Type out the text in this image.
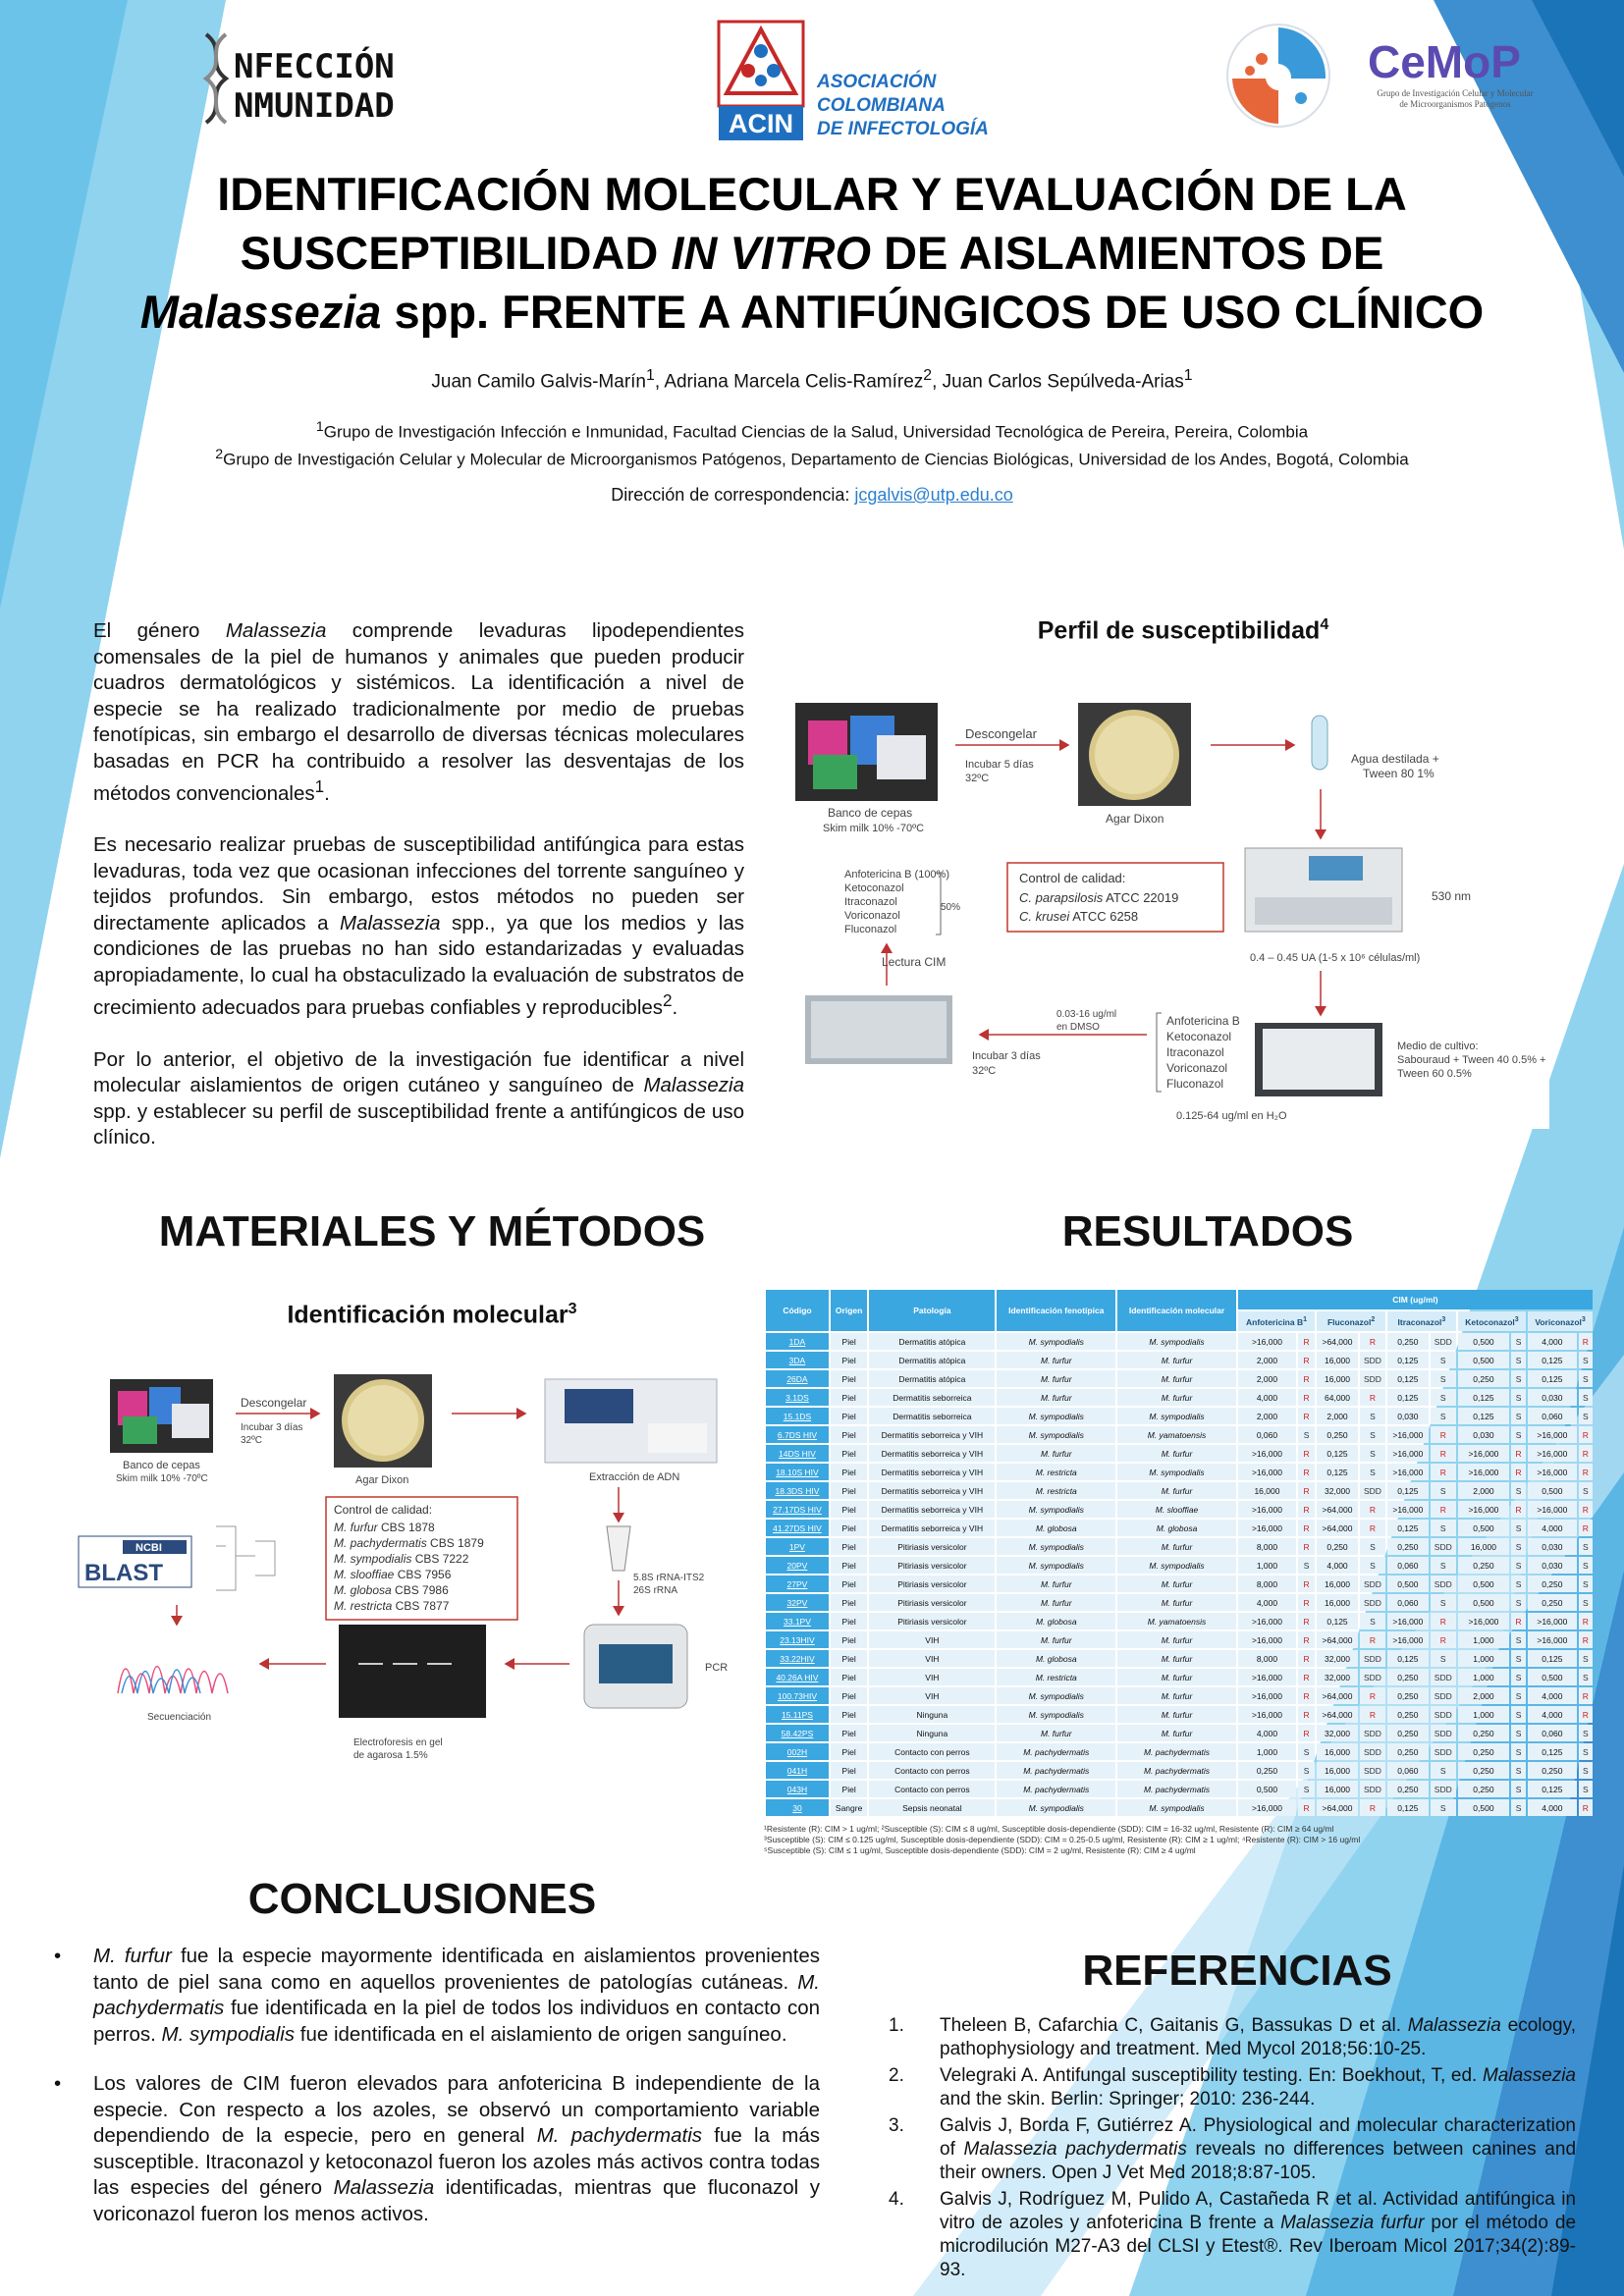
NFECCIÓN
NMUNIDAD	ACIN
ASOCIACIÓN
COLOMBIANA
DE INFECTOLOGÍA
CeMoP
Grupo de Investigación Celular y Molecular
de Microorganismos Patógenos
IDENTIFICACIÓN MOLECULAR Y EVALUACIÓN DE LA
SUSCEPTIBILIDAD IN VITRO DE AISLAMIENTOS DE
Malassezia spp. FRENTE A ANTIFÚNGICOS DE USO CLÍNICO
Juan Camilo Galvis-Marín$^1$, Adriana Marcela Celis-Ramírez$^2$, Juan Carlos Sepúlveda-Arias$^1$
$^1$Grupo de Investigación Infección e Inmunidad, Facultad Ciencias de la Salud, Universidad Tecnológica de Pereira, Pereira, Colombia
$^2$Grupo de Investigación Celular y Molecular de Microorganismos Patógenos, Departamento de Ciencias Biológicas, Universidad de los Andes, Bogotá, Colombia
Dirección de correspondencia: jcgalvis@utp.edu.co

El género Malassezia comprende levaduras lipodependientes comensales de la piel de humanos y animales que pueden producir cuadros dermatológicos y sistémicos. La identificación a nivel de especie se ha realizado tradicionalmente por medio de pruebas fenotípicas, sin embargo el desarrollo de diversas técnicas moleculares basadas en PCR ha contribuido a resolver las desventajas de los métodos convencionales$^1$.

Es necesario realizar pruebas de susceptibilidad antifúngica para estas levaduras, toda vez que ocasionan infecciones del torrente sanguíneo y tejidos profundos. Sin embargo, estos métodos no pueden ser directamente aplicados a Malassezia spp., ya que los medios y las condiciones de las pruebas no han sido estandarizadas y evaluadas apropiadamente, lo cual ha obstaculizado la evaluación de substratos de crecimiento adecuados para pruebas confiables y reproducibles$^2$.

Por lo anterior, el objetivo de la investigación fue identificar a nivel molecular aislamientos de origen cutáneo y sanguíneo de Malassezia spp. y establecer su perfil de susceptibilidad frente a antifúngicos de uso clínico.

Perfil de susceptibilidad$^4$
Banco de cepas
Skim milk 10% -70ºC
Descongelar
Incubar 5 días
32ºC
Agar Dixon
Agua destilada +
Tween 80 1%
530 nm
0.4 – 0.45 UA (1-5 x 10⁶ células/ml)
Control de calidad:
C. parapsilosis ATCC 22019
C. krusei ATCC 6258
Anfotericina B (100%) Ketoconazol Itraconazol Voriconazol Fluconazol
50%
Lectura CIM
0.03-16 ug/ml
en DMSO
Incubar 3 días
32ºC
Anfotericina B Ketoconazol Itraconazol Voriconazol Fluconazol
Medio de cultivo:
Sabouraud + Tween 40 0.5% +
Tween 60 0.5%
0.125-64 ug/ml en H₂O
MATERIALES Y MÉTODOS
Identificación molecular$^3$
Banco de cepas
Skim milk 10% -70ºC
Descongelar
Incubar 3 días
32ºC
Agar Dixon	Extracción de ADN
5.8S rRNA-ITS2
26S rRNA
PCR
Electroforesis en gel
de agarosa 1.5%
Secuenciación
NCBI
BLAST
Control de calidad:
M. furfur CBS 1878
M. pachydermatis CBS 1879
M. sympodialis CBS 7222
M. slooffiae CBS 7956
M. globosa CBS 7986
M. restricta CBS 7877
RESULTADOS
Código	Origen	Patología	Identificación fenotípica	Identificación molecular	CIM (ug/ml)									
					Anfotericina $B^1$		Fluconazol$^2$		Itraconazol$^3$		Ketoconazol$^3$		Voriconazol$^3$
1DA	Piel	Dermatitis atópica	M. sympodialis	M. sympodialis	>16,000	R	>64,000	R	0,250	SDD	0,500	S	4,000	R
3DA	Piel	Dermatitis atópica	M. furfur	M. furfur	2,000	R	16,000	SDD	0,125	S	0,500	S	0,125	S
26DA	Piel	Dermatitis atópica	M. furfur	M. furfur	2,000	R	16,000	SDD	0,125	S	0,250	S	0,125	S
3.1DS	Piel	Dermatitis seborreica	M. furfur	M. furfur	4,000	R	64,000	R	0,125	S	0,125	S	0,030	S
15.1DS	Piel	Dermatitis seborreica	M. sympodialis	M. sympodialis	2,000	R	2,000	S	0,030	S	0,125	S	0,060	S
6.7DS HIV	Piel	Dermatitis seborreica y VIH	M. sympodialis	M. yamatoensis	0,060	S	0,250	S	>16,000	R	0,030	S	>16,000	R
14DS HIV	Piel	Dermatitis seborreica y VIH	M. furfur	M. furfur	>16,000	R	0,125	S	>16,000	R	>16,000	R	>16,000	R
18.10S HIV	Piel	Dermatitis seborreica y VIH	M. restricta	M. sympodialis	>16,000	R	0,125	S	>16,000	R	>16,000	R	>16,000	R
18.3DS HIV	Piel	Dermatitis seborreica y VIH	M. restricta	M. furfur	16,000	R	32,000	SDD	0,125	S	2,000	S	0,500	S
27.17DS HIV	Piel	Dermatitis seborreica y VIH	M. sympodialis	M. slooffiae	>16,000	R	>64,000	R	>16,000	R	>16,000	R	>16,000	R
41.27DS HIV	Piel	Dermatitis seborreica y VIH	M. globosa	M. globosa	>16,000	R	>64,000	R	0,125	S	0,500	S	4,000	R
1PV	Piel	Pitiriasis versicolor	M. sympodialis	M. furfur	8,000	R	0,250	S	0,250	SDD	16,000	S	0,030	S
20PV	Piel	Pitiriasis versicolor	M. sympodialis	M. sympodialis	1,000	S	4,000	S	0,060	S	0,250	S	0,030	S
27PV	Piel	Pitiriasis versicolor	M. furfur	M. furfur	8,000	R	16,000	SDD	0,500	SDD	0,500	S	0,250	S
32PV	Piel	Pitiriasis versicolor	M. furfur	M. furfur	4,000	R	16,000	SDD	0,060	S	0,500	S	0,250	S
33.1PV	Piel	Pitiriasis versicolor	M. globosa	M. yamatoensis	>16,000	R	0,125	S	>16,000	R	>16,000	R	>16,000	R
23.13HIV	Piel	VIH	M. furfur	M. furfur	>16,000	R	>64,000	R	>16,000	R	1,000	S	>16,000	R
33.22HIV	Piel	VIH	M. globosa	M. furfur	8,000	R	32,000	SDD	0,125	S	1,000	S	0,125	S
40.26A HIV	Piel	VIH	M. restricta	M. furfur	>16,000	R	32,000	SDD	0,250	SDD	1,000	S	0,500	S
100.73HIV	Piel	VIH	M. sympodialis	M. furfur	>16,000	R	>64,000	R	0,250	SDD	2,000	S	4,000	R
15.11PS	Piel	Ninguna	M. sympodialis	M. furfur	>16,000	R	>64,000	R	0,250	SDD	1,000	S	4,000	R
58.42PS	Piel	Ninguna	M. furfur	M. furfur	4,000	R	32,000	SDD	0,250	SDD	0,250	S	0,060	S
002H	Piel	Contacto con perros	M. pachydermatis	M. pachydermatis	1,000	S	16,000	SDD	0,250	SDD	0,250	S	0,125	S
041H	Piel	Contacto con perros	M. pachydermatis	M. pachydermatis	0,250	S	16,000	SDD	0,060	S	0,250	S	0,250	S
043H	Piel	Contacto con perros	M. pachydermatis	M. pachydermatis	0,500	S	16,000	SDD	0,250	SDD	0,250	S	0,125	S
30	Sangre	Sepsis neonatal	M. sympodialis	M. sympodialis	>16,000	R	>64,000	R	0,125	S	0,500	S	4,000	R
¹Resistente (R): CIM > 1 ug/ml; ²Susceptible (S): CIM ≤ 8 ug/ml, Susceptible dosis-dependiente (SDD): CIM = 16-32 ug/ml, Resistente (R): CIM ≥ 64 ug/ml
³Susceptible (S): CIM ≤ 0.125 ug/ml, Susceptible dosis-dependiente (SDD): CIM = 0.25-0.5 ug/ml, Resistente (R): CIM ≥ 1 ug/ml; ⁴Resistente (R): CIM > 16 ug/ml
⁵Susceptible (S): CIM ≤ 1 ug/ml, Susceptible dosis-dependiente (SDD): CIM = 2 ug/ml, Resistente (R): CIM ≥ 4 ug/ml
CONCLUSIONES
• M. furfur fue la especie mayormente identificada en aislamientos provenientes tanto de piel sana como en aquellos provenientes de patologías cutáneas. M. pachydermatis fue identificada en la piel de todos los individuos en contacto con perros. M. sympodialis fue identificada en el aislamiento de origen sanguíneo.
• Los valores de CIM fueron elevados para anfotericina B independiente de la especie. Con respecto a los azoles, se observó un comportamiento variable dependiendo de la especie, pero en general M. pachydermatis fue la más susceptible. Itraconazol y ketoconazol fueron los azoles más activos contra todas las especies del género Malassezia identificadas, mientras que fluconazol y voriconazol fueron los menos activos.
REFERENCIAS
1. Theleen B, Cafarchia C, Gaitanis G, Bassukas D et al. Malassezia ecology, pathophysiology and treatment. Med Mycol 2018;56:10-25.
2. Velegraki A. Antifungal susceptibility testing. En: Boekhout, T, ed. Malassezia and the skin. Berlin: Springer; 2010: 236-244.
3. Galvis J, Borda F, Gutiérrez A. Physiological and molecular characterization of Malassezia pachydermatis reveals no differences between canines and their owners. Open J Vet Med 2018;8:87-105.
4. Galvis J, Rodríguez M, Pulido A, Castañeda R et al. Actividad antifúngica in vitro de azoles y anfotericina B frente a Malassezia furfur por el método de microdilución M27-A3 del CLSI y Etest®. Rev Iberoam Micol 2017;34(2):89-93.
